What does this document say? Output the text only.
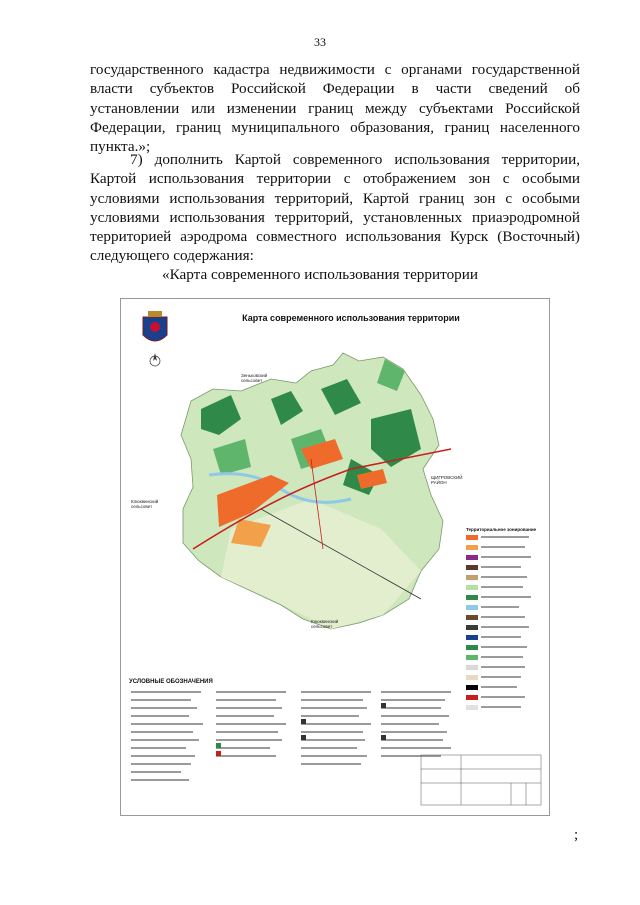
33

государственного кадастра недвижимости с органами государственной власти субъектов Российской Федерации в части сведений об установлении или изменении границ между субъектами Российской Федерации, границ муниципального образования, границ населенного пункта.»;

7) дополнить Картой современного использования территории, Картой использования территории с отображением зон с особыми условиями использования территорий, Картой границ зон с особыми условиями использования территорий, установленных приаэродромной территорией аэродрома совместного использования Курск (Восточный) следующего содержания:

«Карта современного использования территории
Карта современного использования территории
Зеньковский сельсовет
Клюквинский сельсовет
ЩИГРОВСКИЙ РАЙОН
Клюквинский сельсовет
УСЛОВНЫЕ ОБОЗНАЧЕНИЯ
Территориальное зонирование
;
